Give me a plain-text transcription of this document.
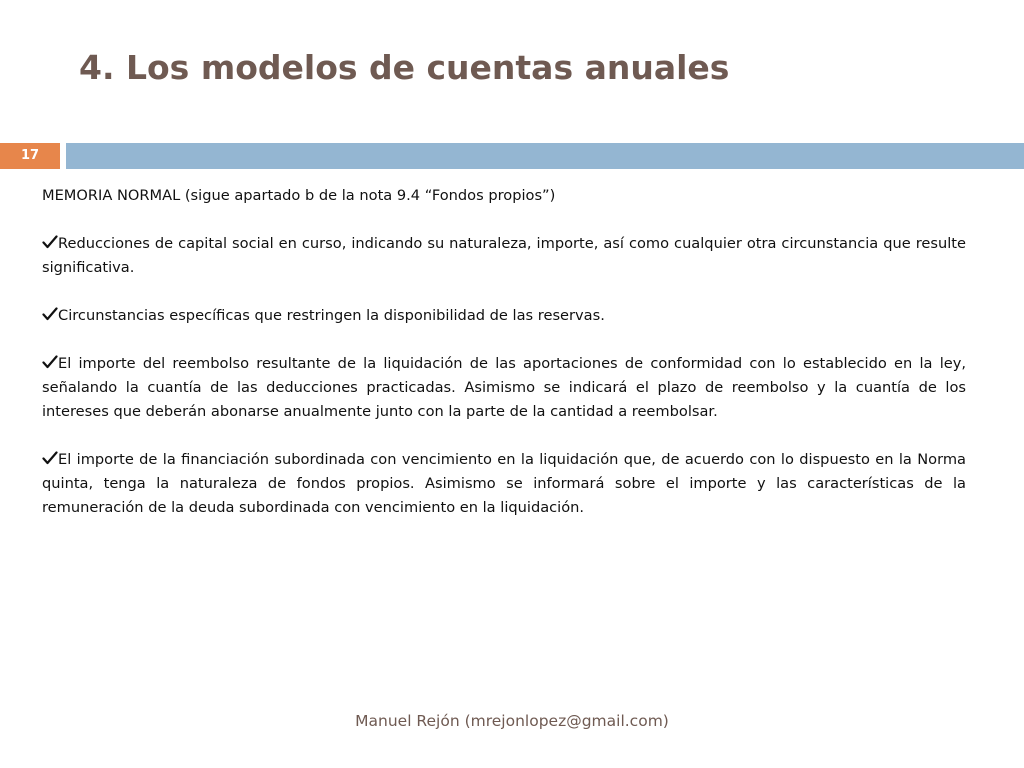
4. Los modelos de cuentas anuales
17

MEMORIA NORMAL (sigue apartado b de la nota 9.4 “Fondos propios”)

Reducciones de capital social en curso, indicando su naturaleza, importe, así como cualquier otra circunstancia que resulte significativa.

Circunstancias específicas que restringen la disponibilidad de las reservas.

El importe del reembolso resultante de la liquidación de las aportaciones de conformidad con lo establecido en la ley, señalando la cuantía de las deducciones practicadas. Asimismo se indicará el plazo de reembolso y la cuantía de los intereses que deberán abonarse anualmente junto con la parte de la cantidad a reembolsar.

El importe de la financiación subordinada con vencimiento en la liquidación que, de acuerdo con lo dispuesto en la Norma quinta, tenga la naturaleza de fondos propios. Asimismo se informará sobre el importe y las características de la remuneración de la deuda subordinada con vencimiento en la liquidación.

Manuel Rejón (mrejonlopez@gmail.com)
